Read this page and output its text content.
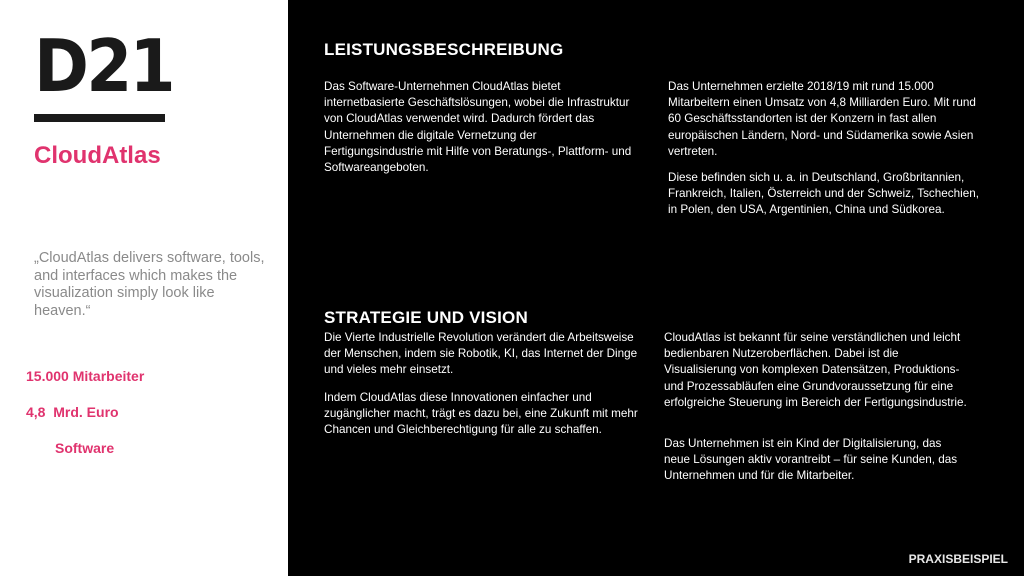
D21
CloudAtlas
„CloudAtlas delivers software, tools, and interfaces which makes the visualization simply look like heaven.“
15.000 Mitarbeiter
4,8  Mrd. Euro
Software
LEISTUNGSBESCHREIBUNG

Das Software-Unternehmen CloudAtlas bietet internetbasierte Geschäftslösungen, wobei die Infrastruktur von CloudAtlas verwendet wird. Dadurch fördert das Unternehmen die digitale Vernetzung der Fertigungsindustrie mit Hilfe von Beratungs-, Plattform- und Softwareangeboten.

Das Unternehmen erzielte 2018/19 mit rund 15.000 Mitarbeitern einen Umsatz von 4,8 Milliarden Euro. Mit rund 60 Geschäftsstandorten ist der Konzern in fast allen europäischen Ländern, Nord- und Südamerika sowie Asien vertreten.

Diese befinden sich u. a. in Deutschland, Großbritannien, Frankreich, Italien, Österreich und der Schweiz, Tschechien, in Polen, den USA, Argentinien, China und Südkorea.

STRATEGIE UND VISION

Die Vierte Industrielle Revolution verändert die Arbeitsweise der Menschen, indem sie Robotik, KI, das Internet der Dinge und vieles mehr einsetzt.

Indem CloudAtlas diese Innovationen einfacher und zugänglicher macht, trägt es dazu bei, eine Zukunft mit mehr Chancen und Gleichberechtigung für alle zu schaffen.

CloudAtlas ist bekannt für seine verständlichen und leicht bedienbaren Nutzeroberflächen. Dabei ist die Visualisierung von komplexen Datensätzen, Produktions- und Prozessabläufen eine Grundvoraussetzung für eine erfolgreiche Steuerung im Bereich der Fertigungsindustrie.

Das Unternehmen ist ein Kind der Digitalisierung, das neue Lösungen aktiv vorantreibt – für seine Kunden, das Unternehmen und für die Mitarbeiter.

PRAXISBEISPIEL
